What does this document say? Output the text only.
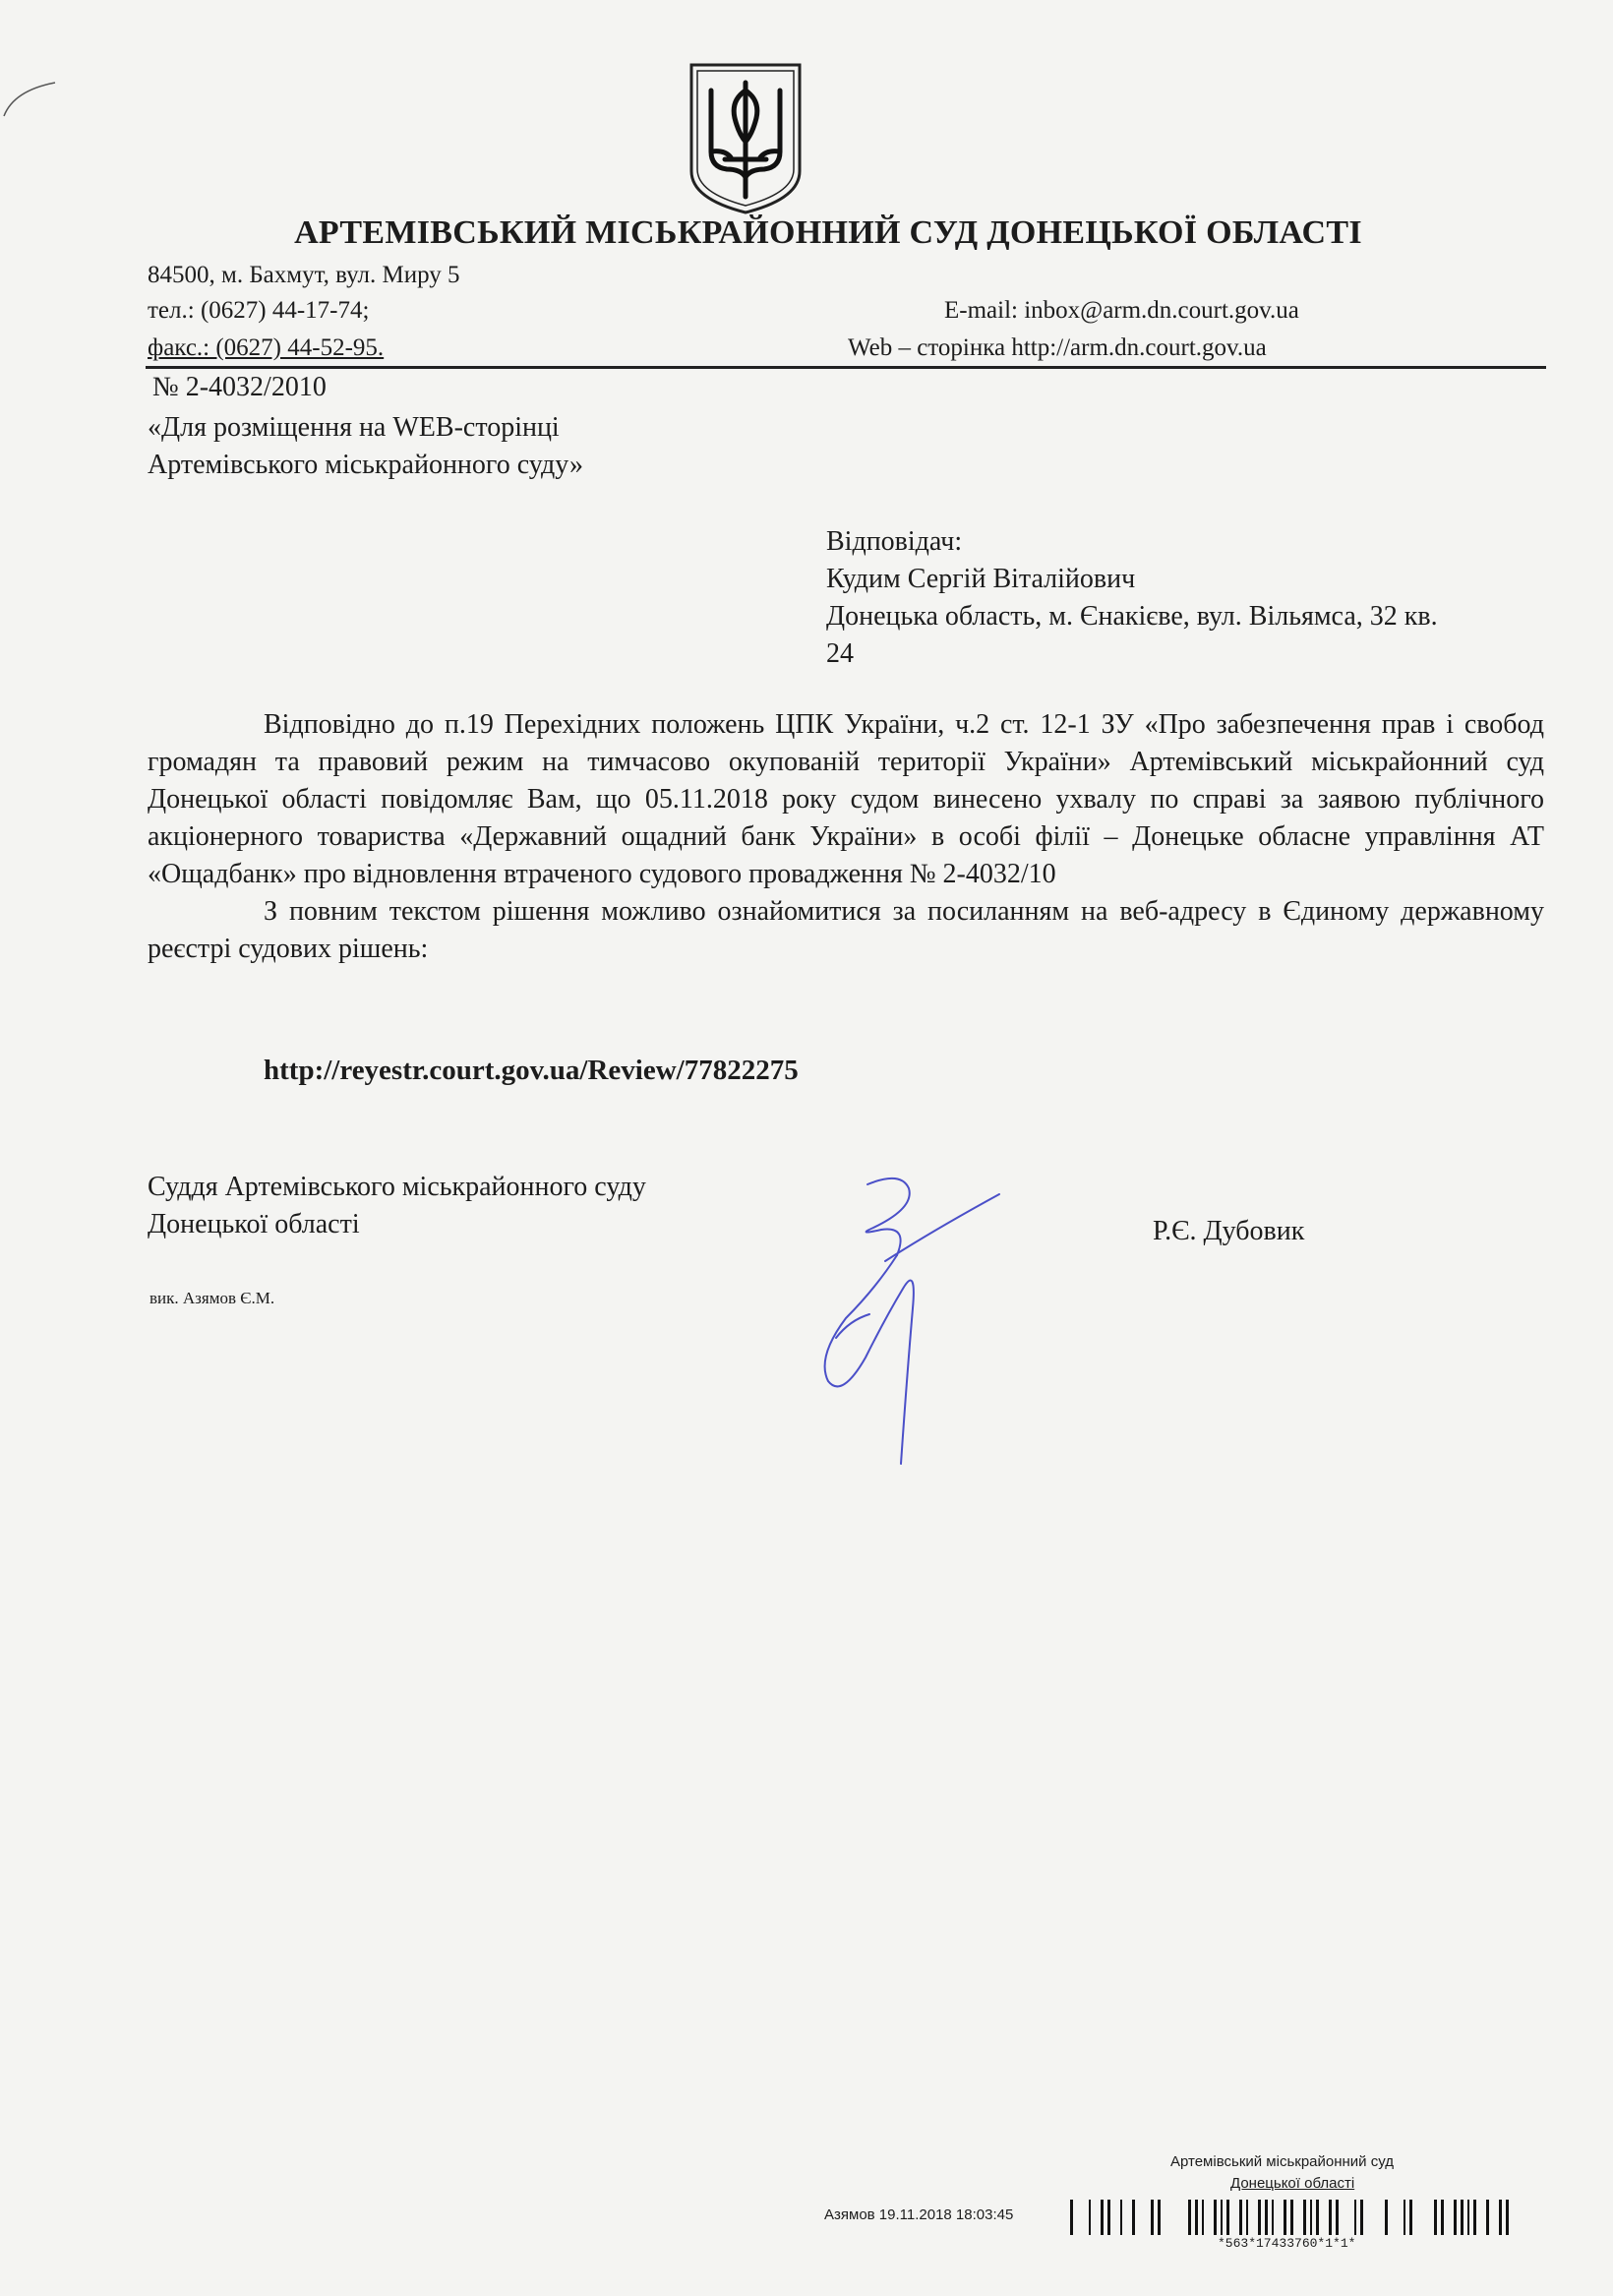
АРТЕМІВСЬКИЙ МІСЬКРАЙОННИЙ СУД ДОНЕЦЬКОЇ ОБЛАСТІ
84500, м. Бахмут, вул. Миру 5
тел.: (0627) 44-17-74;
факс.: (0627) 44-52-95.
E-mail: inbox@arm.dn.court.gov.ua
Web – сторінка http://arm.dn.court.gov.ua
№ 2-4032/2010
«Для розміщення на WEB-сторінці
Артемівського міськрайонного суду»
Відповідач:
Кудим Сергій Віталійович
Донецька область, м. Єнакієве, вул. Вільямса, 32 кв.
24

Відповідно до п.19 Перехідних положень ЦПК України, ч.2 ст. 12-1 ЗУ «Про забезпечення прав і свобод громадян та правовий режим на тимчасово окупованій території України» Артемівський міськрайонний суд Донецької області повідомляє Вам, що 05.11.2018 року судом винесено ухвалу по справі за заявою публічного акціонерного товариства «Державний ощадний банк України» в особі філії – Донецьке обласне управління АТ «Ощадбанк» про відновлення втраченого судового провадження № 2-4032/10

З повним текстом рішення можливо ознайомитися за посиланням на веб-адресу в Єдиному державному реєстрі судових рішень:

http://reyestr.court.gov.ua/Review/77822275
Суддя Артемівського міськрайонного суду
Донецької області	Р.Є. Дубовик
вик. Азямов Є.М.
Артемівський міськрайонний суд
Донецької області
Азямов 19.11.2018 18:03:45
*563*17433760*1*1*
